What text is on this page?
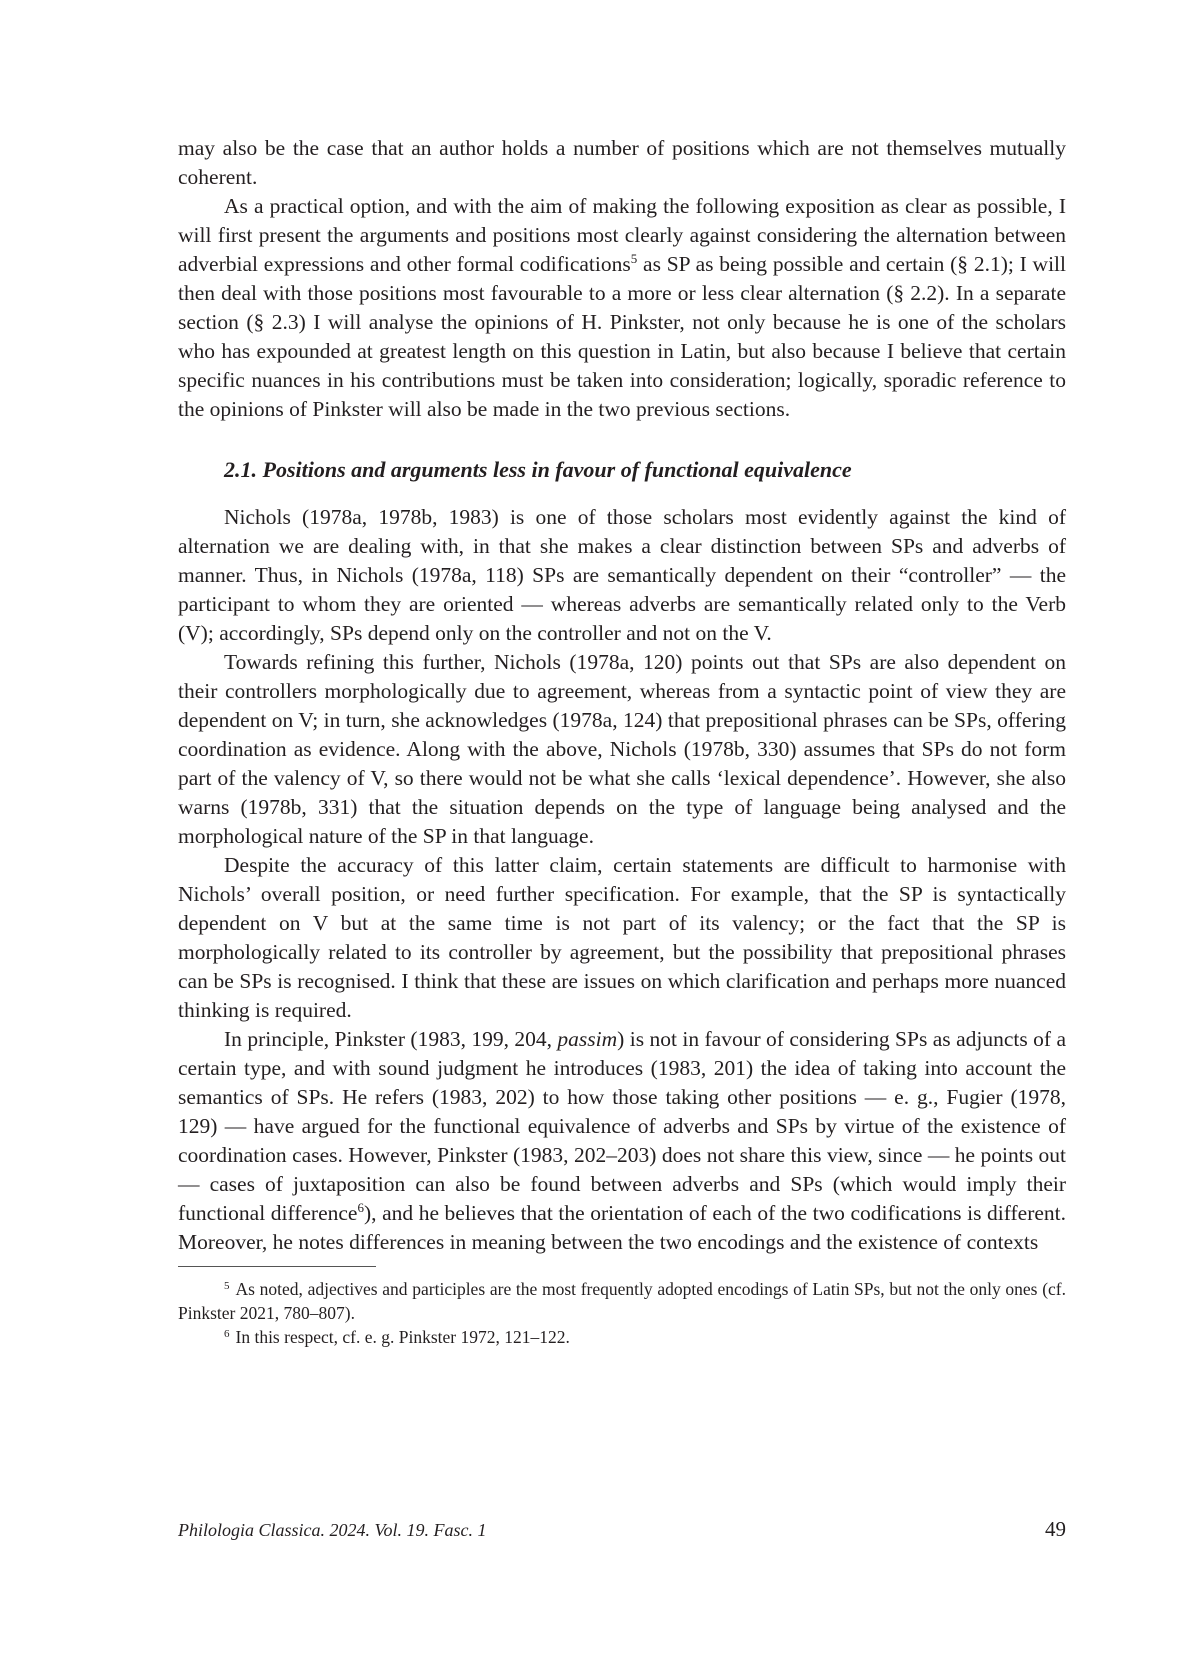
may also be the case that an author holds a number of positions which are not themselves mutually coherent.

As a practical option, and with the aim of making the following exposition as clear as possible, I will first present the arguments and positions most clearly against considering the alternation between adverbial expressions and other formal codifications$^5$ as SP as being possible and certain (§ 2.1); I will then deal with those positions most favourable to a more or less clear alternation (§ 2.2). In a separate section (§ 2.3) I will analyse the opinions of H. Pinkster, not only because he is one of the scholars who has expounded at greatest length on this question in Latin, but also because I believe that certain specific nuances in his contributions must be taken into consideration; logically, sporadic reference to the opinions of Pinkster will also be made in the two previous sections.

2.1. Positions and arguments less in favour of functional equivalence

Nichols (1978a, 1978b, 1983) is one of those scholars most evidently against the kind of alternation we are dealing with, in that she makes a clear distinction between SPs and adverbs of manner. Thus, in Nichols (1978a, 118) SPs are semantically dependent on their “controller” — the participant to whom they are oriented — whereas adverbs are semantically related only to the Verb (V); accordingly, SPs depend only on the controller and not on the V.

Towards refining this further, Nichols (1978a, 120) points out that SPs are also dependent on their controllers morphologically due to agreement, whereas from a syntactic point of view they are dependent on V; in turn, she acknowledges (1978a, 124) that prepositional phrases can be SPs, offering coordination as evidence. Along with the above, Nichols (1978b, 330) assumes that SPs do not form part of the valency of V, so there would not be what she calls ‘lexical dependence’. However, she also warns (1978b, 331) that the situation depends on the type of language being analysed and the morphological nature of the SP in that language.

Despite the accuracy of this latter claim, certain statements are difficult to harmonise with Nichols’ overall position, or need further specification. For example, that the SP is syntactically dependent on V but at the same time is not part of its valency; or the fact that the SP is morphologically related to its controller by agreement, but the possibility that prepositional phrases can be SPs is recognised. I think that these are issues on which clarification and perhaps more nuanced thinking is required.

In principle, Pinkster (1983, 199, 204, passim) is not in favour of considering SPs as adjuncts of a certain type, and with sound judgment he introduces (1983, 201) the idea of taking into account the semantics of SPs. He refers (1983, 202) to how those taking other positions — e. g., Fugier (1978, 129) — have argued for the functional equivalence of adverbs and SPs by virtue of the existence of coordination cases. However, Pinkster (1983, 202–203) does not share this view, since — he points out — cases of juxtaposition can also be found between adverbs and SPs (which would imply their functional difference$^6$), and he believes that the orientation of each of the two codifications is different. Moreover, he notes differences in meaning between the two encodings and the existence of contexts

$^5$ As noted, adjectives and participles are the most frequently adopted encodings of Latin SPs, but not the only ones (cf. Pinkster 2021, 780–807).

$^6$ In this respect, cf. e. g. Pinkster 1972, 121–122.

Philologia Classica. 2024. Vol. 19. Fasc. 1	49
